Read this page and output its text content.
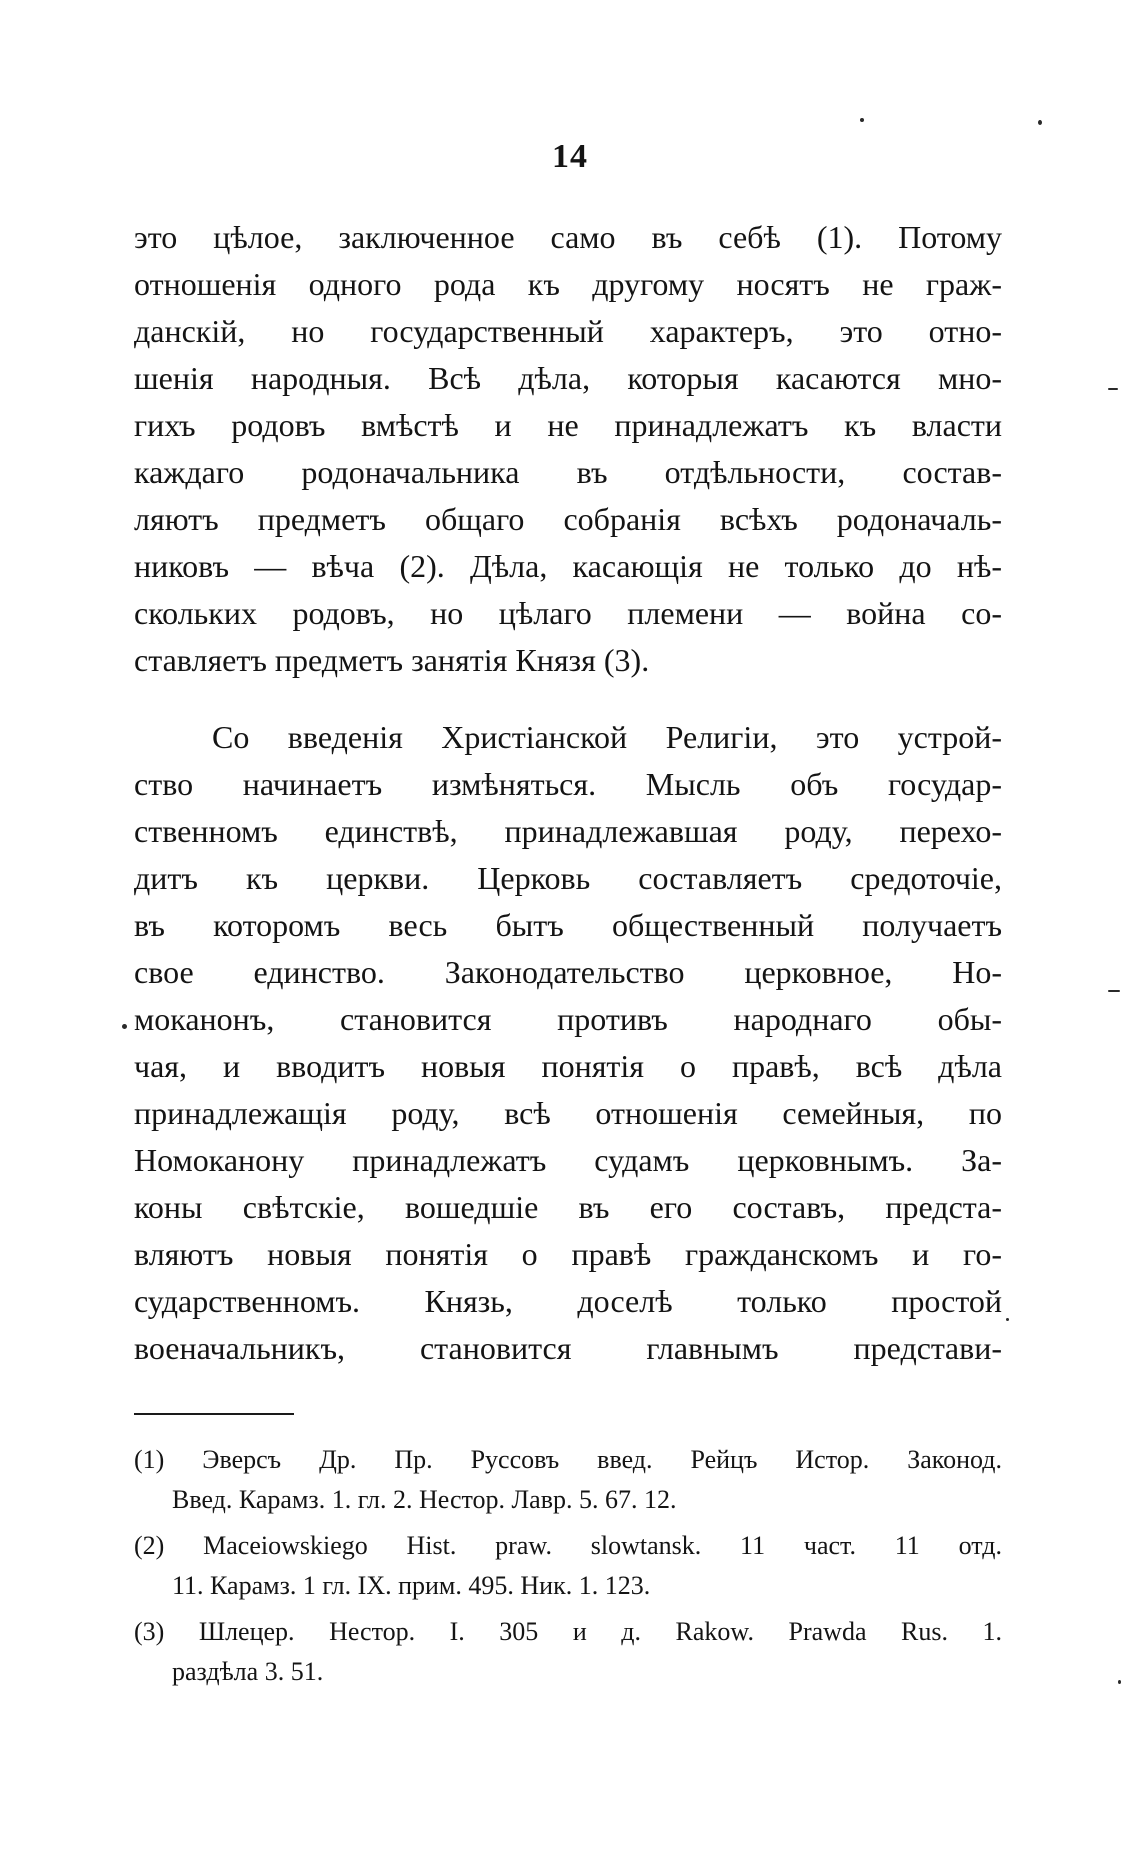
14
это цѣлое, заключенное само въ себѣ (1). Потому
отношенія одного рода къ другому носятъ не граж-
данскій, но государственный характеръ, это отно-
шенія народныя. Всѣ дѣла, которыя касаются мно-
гихъ родовъ вмѣстѣ и не принадлежатъ къ власти
каждаго родоначальника въ отдѣльности, состав-
ляютъ предметъ общаго собранія всѣхъ родоначаль-
никовъ — вѣча (2). Дѣла, касающія не только до нѣ-
скольких родовъ, но цѣлаго племени — война со-
ставляетъ предметъ занятія Князя (3).
Со введенія Христіанской Религіи, это устрой-
ство начинаетъ измѣняться. Мысль объ государ-
ственномъ единствѣ, принадлежавшая роду, перехо-
дитъ къ церкви. Церковь составляетъ средоточіе,
въ которомъ весь бытъ общественный получаетъ
свое единство. Законодательство церковное, Но-
моканонъ, становится противъ народнаго обы-
чая, и вводитъ новыя понятія о правѣ, всѣ дѣла
принадлежащія роду, всѣ отношенія семейныя, по
Номоканону принадлежатъ судамъ церковнымъ. За-
коны свѣтскіе, вошедшіе въ его составъ, предста-
вляютъ новыя понятія о правѣ гражданскомъ и го-
сударственномъ. Князь, доселѣ только простой
военачальникъ, становится главнымъ предстaви-
(1) Эверсъ Др. Пр. Руссовъ введ. Рейцъ Истор. Законод.
Введ. Карамз. 1. гл. 2. Нестор. Лавр. 5. 67. 12.
(2) Maceiowskiego Hist. praw. slowtansk. 11 част. 11 отд.
11. Карамз. 1 гл. IX. прим. 495. Ник. 1. 123.
(3) Шлецер. Нестор. I. 305 и д. Rakow. Prawda Rus. 1.
раздѣла 3. 51.
